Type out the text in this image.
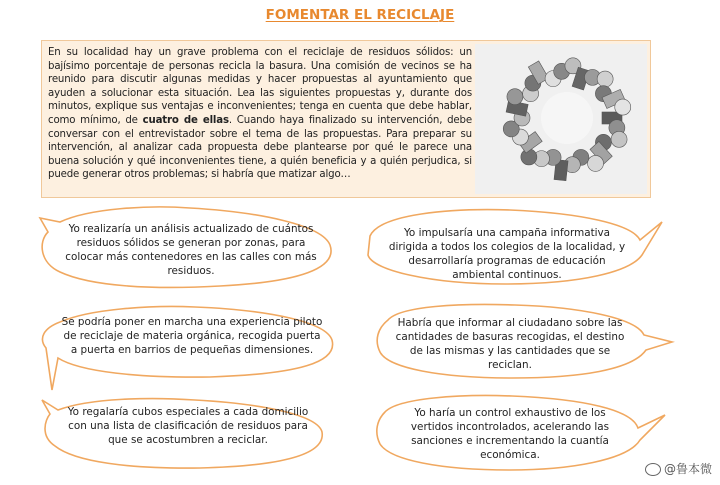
FOMENTAR EL RECICLAJE
En su localidad hay un grave problema con el reciclaje de residuos sólidos: un bajísimo porcentaje de personas recicla la basura. Una comisión de vecinos se ha reunido para discutir algunas medidas y hacer propuestas al ayuntamiento que ayuden a solucionar esta situación. Lea las siguientes propuestas y, durante dos minutos, explique sus ventajas e inconvenientes; tenga en cuenta que debe hablar, como mínimo, de cuatro de ellas. Cuando haya finalizado su intervención, debe conversar con el entrevistador sobre el tema de las propuestas. Para preparar su intervención, al analizar cada propuesta debe plantearse por qué le parece una buena solución y qué inconvenientes tiene, a quién beneficia y a quién perjudica, si puede generar otros problemas; si habría que matizar algo…
Yo realizaría un análisis actualizado de cuántos residuos sólidos se generan por zonas, para colocar más contenedores en las calles con más residuos.
Yo impulsaría una campaña informativa dirigida a todos los colegios de la localidad, y desarrollaría programas de educación ambiental continuos.
Se podría poner en marcha una experiencia piloto de reciclaje de materia orgánica, recogida puerta a puerta en barrios de pequeñas dimensiones.
Habría que informar al ciudadano sobre las cantidades de basuras recogidas, el destino de las mismas y las cantidades que se reciclan.
Yo regalaría cubos especiales a cada domicilio con una lista de clasificación de residuos para que se acostumbren a reciclar.
Yo haría un control exhaustivo de los vertidos incontrolados, acelerando las sanciones e incrementando la cuantía económica.
@鲁本微
